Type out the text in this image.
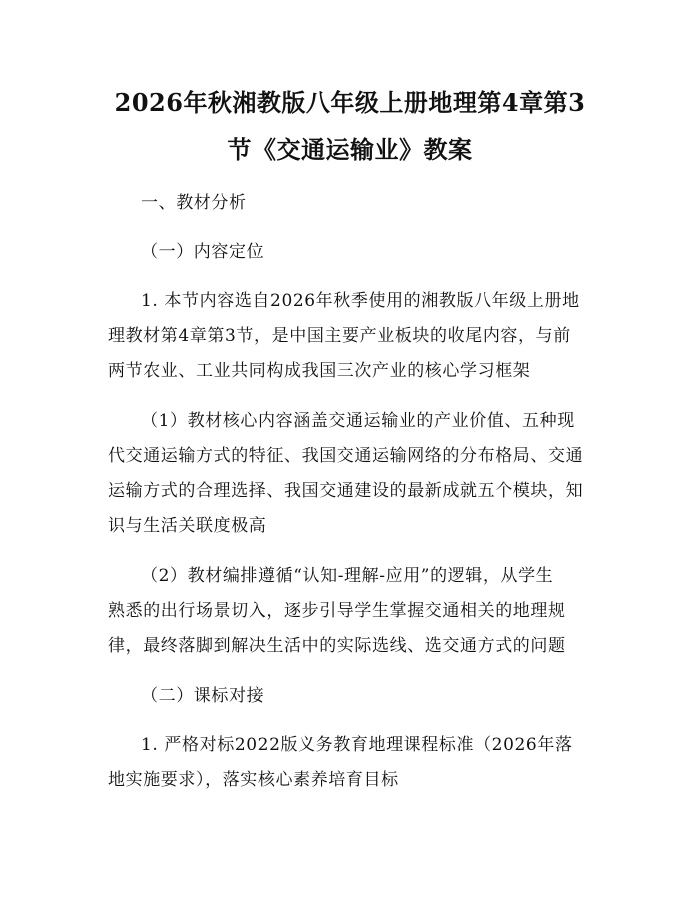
2026年秋湘教版八年级上册地理第4章第3
节《交通运输业》教案
一、教材分析
（一）内容定位
1. 本节内容选自2026年秋季使用的湘教版八年级上册地
理教材第4章第3节，是中国主要产业板块的收尾内容，与前
两节农业、工业共同构成我国三次产业的核心学习框架
（1）教材核心内容涵盖交通运输业的产业价值、五种现
代交通运输方式的特征、我国交通运输网络的分布格局、交通
运输方式的合理选择、我国交通建设的最新成就五个模块，知
识与生活关联度极高
（2）教材编排遵循“认知-理解-应用”的逻辑，从学生
熟悉的出行场景切入，逐步引导学生掌握交通相关的地理规
律，最终落脚到解决生活中的实际选线、选交通方式的问题
（二）课标对接
1. 严格对标2022版义务教育地理课程标准（2026年落
地实施要求），落实核心素养培育目标
